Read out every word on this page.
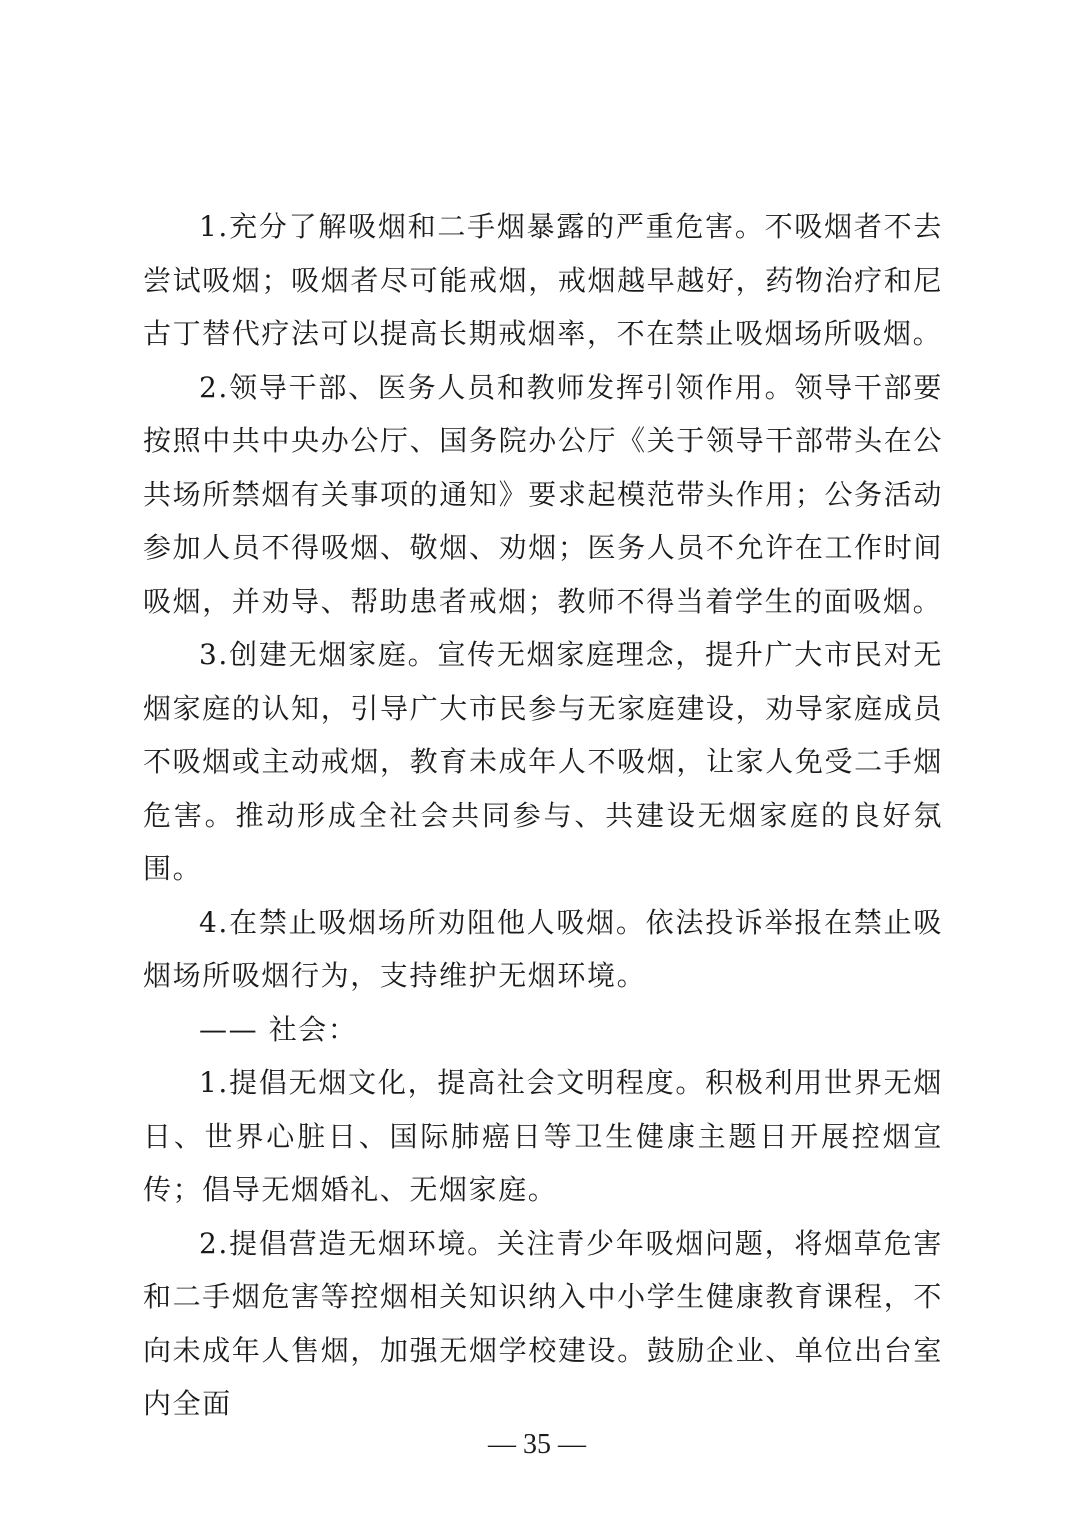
1.充分了解吸烟和二手烟暴露的严重危害。不吸烟者不去尝试吸烟；吸烟者尽可能戒烟，戒烟越早越好，药物治疗和尼古丁替代疗法可以提高长期戒烟率，不在禁止吸烟场所吸烟。

2.领导干部、医务人员和教师发挥引领作用。领导干部要按照中共中央办公厅、国务院办公厅《关于领导干部带头在公共场所禁烟有关事项的通知》要求起模范带头作用；公务活动参加人员不得吸烟、敬烟、劝烟；医务人员不允许在工作时间吸烟，并劝导、帮助患者戒烟；教师不得当着学生的面吸烟。

3.创建无烟家庭。宣传无烟家庭理念，提升广大市民对无烟家庭的认知，引导广大市民参与无家庭建设，劝导家庭成员不吸烟或主动戒烟，教育未成年人不吸烟，让家人免受二手烟危害。推动形成全社会共同参与、共建设无烟家庭的良好氛围。

4.在禁止吸烟场所劝阻他人吸烟。依法投诉举报在禁止吸烟场所吸烟行为，支持维护无烟环境。

—— 社会：

1.提倡无烟文化，提高社会文明程度。积极利用世界无烟日、世界心脏日、国际肺癌日等卫生健康主题日开展控烟宣传；倡导无烟婚礼、无烟家庭。

2.提倡营造无烟环境。关注青少年吸烟问题，将烟草危害和二手烟危害等控烟相关知识纳入中小学生健康教育课程，不向未成年人售烟，加强无烟学校建设。鼓励企业、单位出台室内全面

— 35 —
